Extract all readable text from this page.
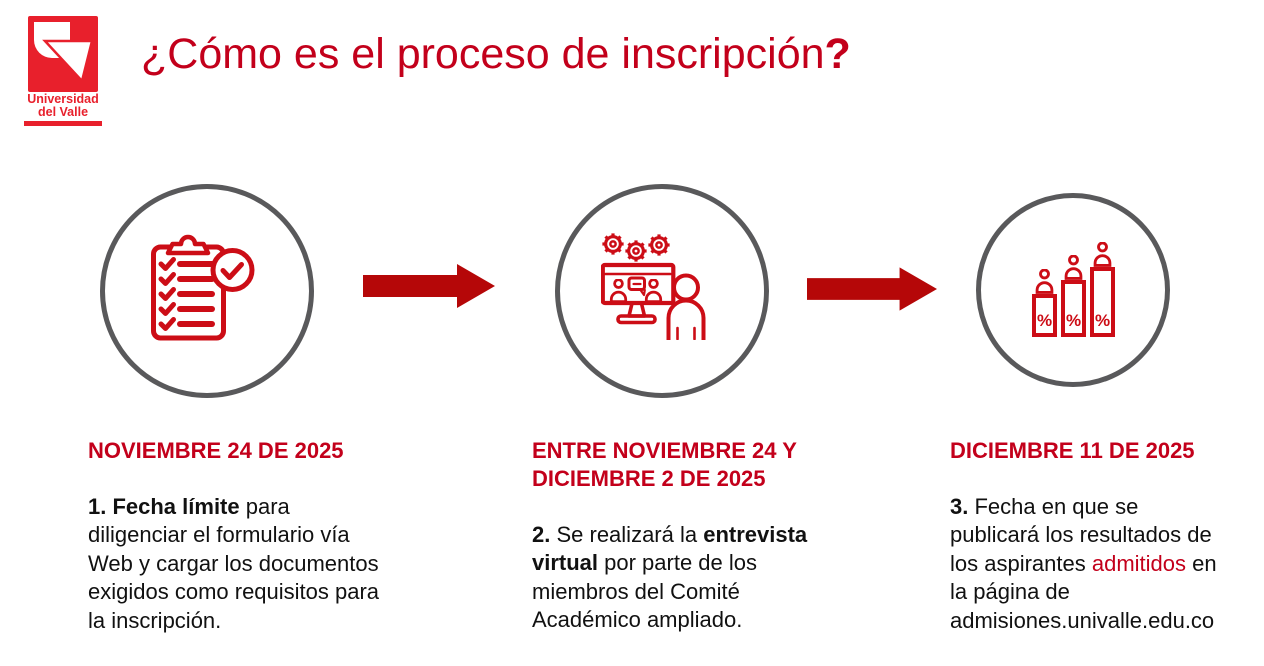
Universidad
del Valle
¿Cómo es el proceso de inscripción?
% % %
NOVIEMBRE 24 DE 2025

1. Fecha límite para diligenciar el formulario vía Web y cargar los documentos exigidos como requisitos para la inscripción.

ENTRE NOVIEMBRE 24 Y DICIEMBRE 2 DE 2025

2. Se realizará la entrevista virtual por parte de los miembros del Comité Académico ampliado.

DICIEMBRE 11 DE 2025

3. Fecha en que se publicará los resultados de los aspirantes admitidos en la página de admisiones.univalle.edu.co
